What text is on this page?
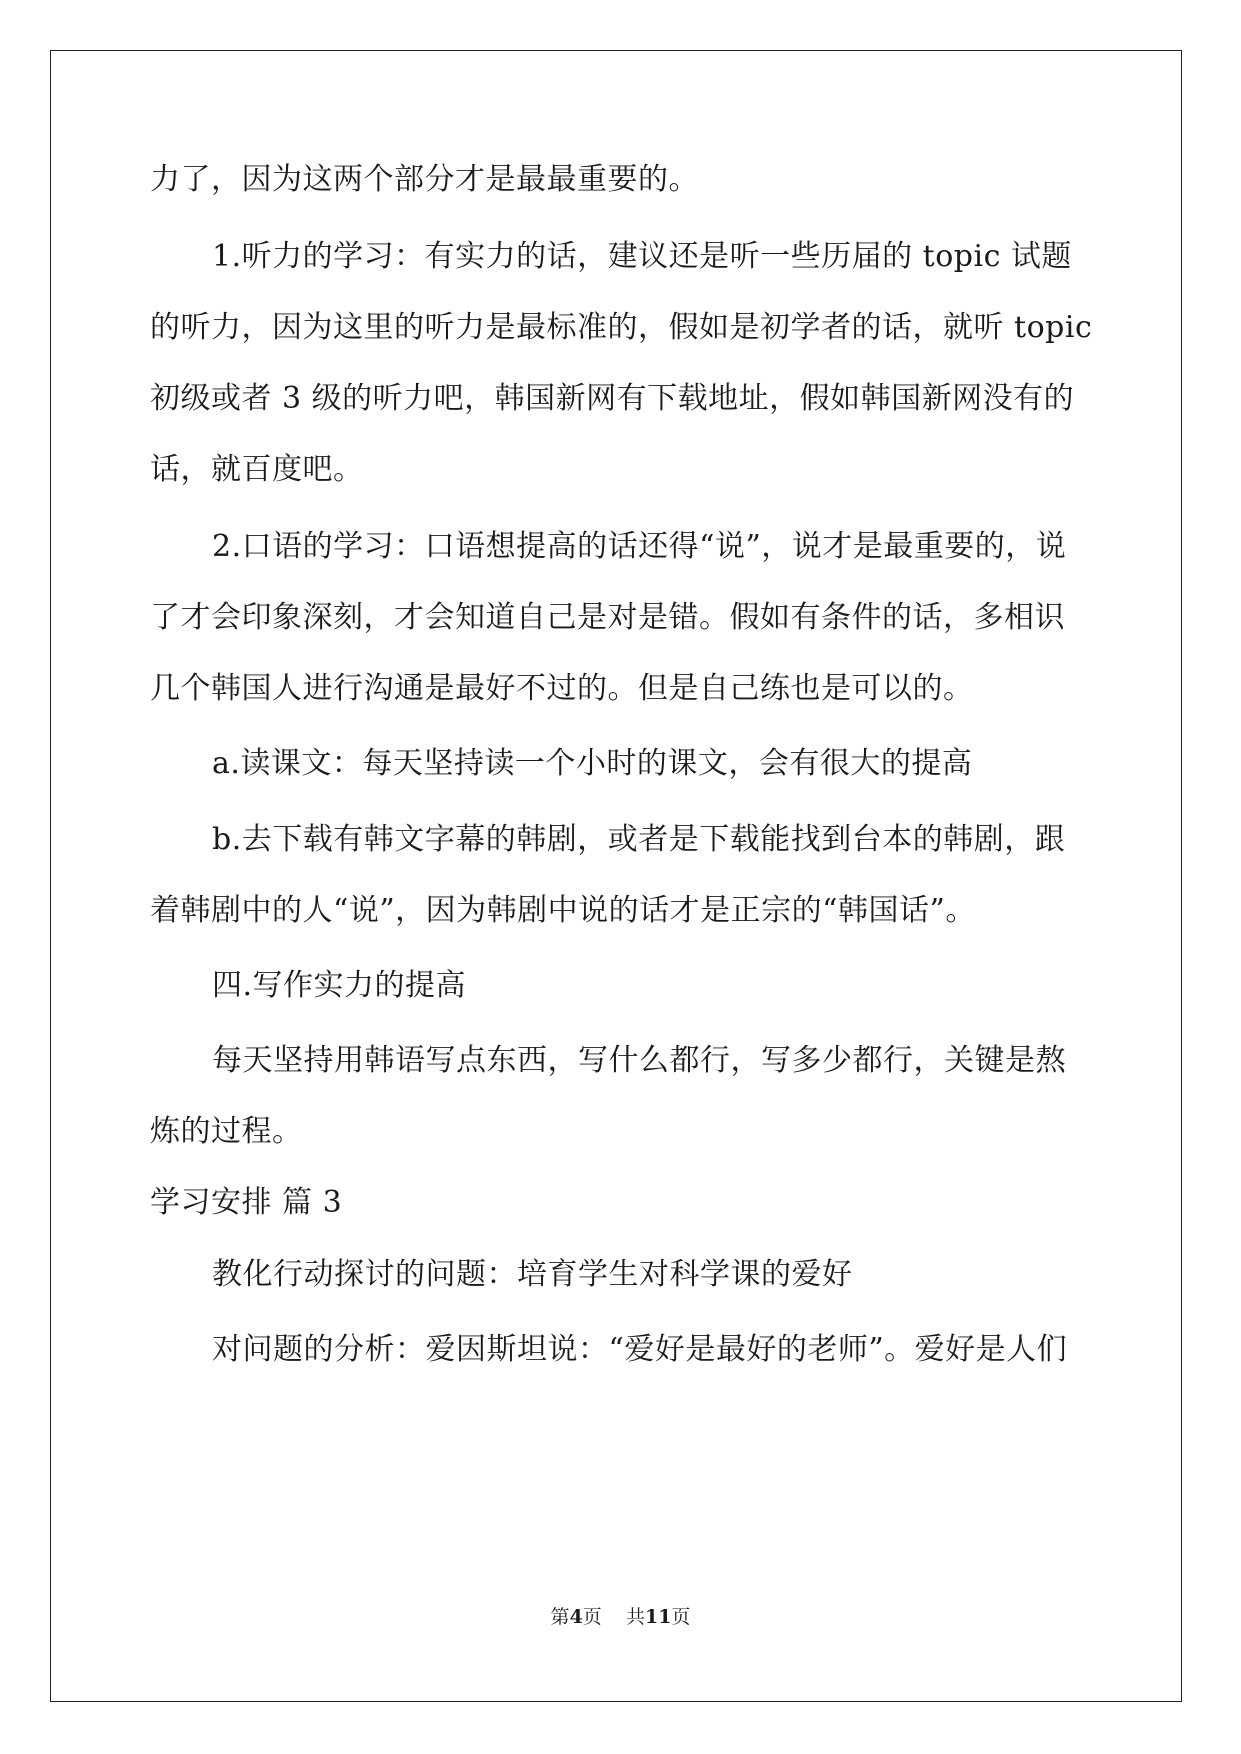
力了，因为这两个部分才是最最重要的。
1.听力的学习：有实力的话，建议还是听一些历届的 topic 试题
的听力，因为这里的听力是最标准的，假如是初学者的话，就听 topic
初级或者 3 级的听力吧，韩国新网有下载地址，假如韩国新网没有的
话，就百度吧。
2.口语的学习：口语想提高的话还得“说”，说才是最重要的，说
了才会印象深刻，才会知道自己是对是错。假如有条件的话，多相识
几个韩国人进行沟通是最好不过的。但是自己练也是可以的。
a.读课文：每天坚持读一个小时的课文，会有很大的提高
b.去下载有韩文字幕的韩剧，或者是下载能找到台本的韩剧，跟
着韩剧中的人“说”，因为韩剧中说的话才是正宗的“韩国话”。
四.写作实力的提高
每天坚持用韩语写点东西，写什么都行，写多少都行，关键是熬
炼的过程。
学习安排 篇 3
教化行动探讨的问题：培育学生对科学课的爱好
对问题的分析：爱因斯坦说：“爱好是最好的老师”。爱好是人们
第4页    共11页
